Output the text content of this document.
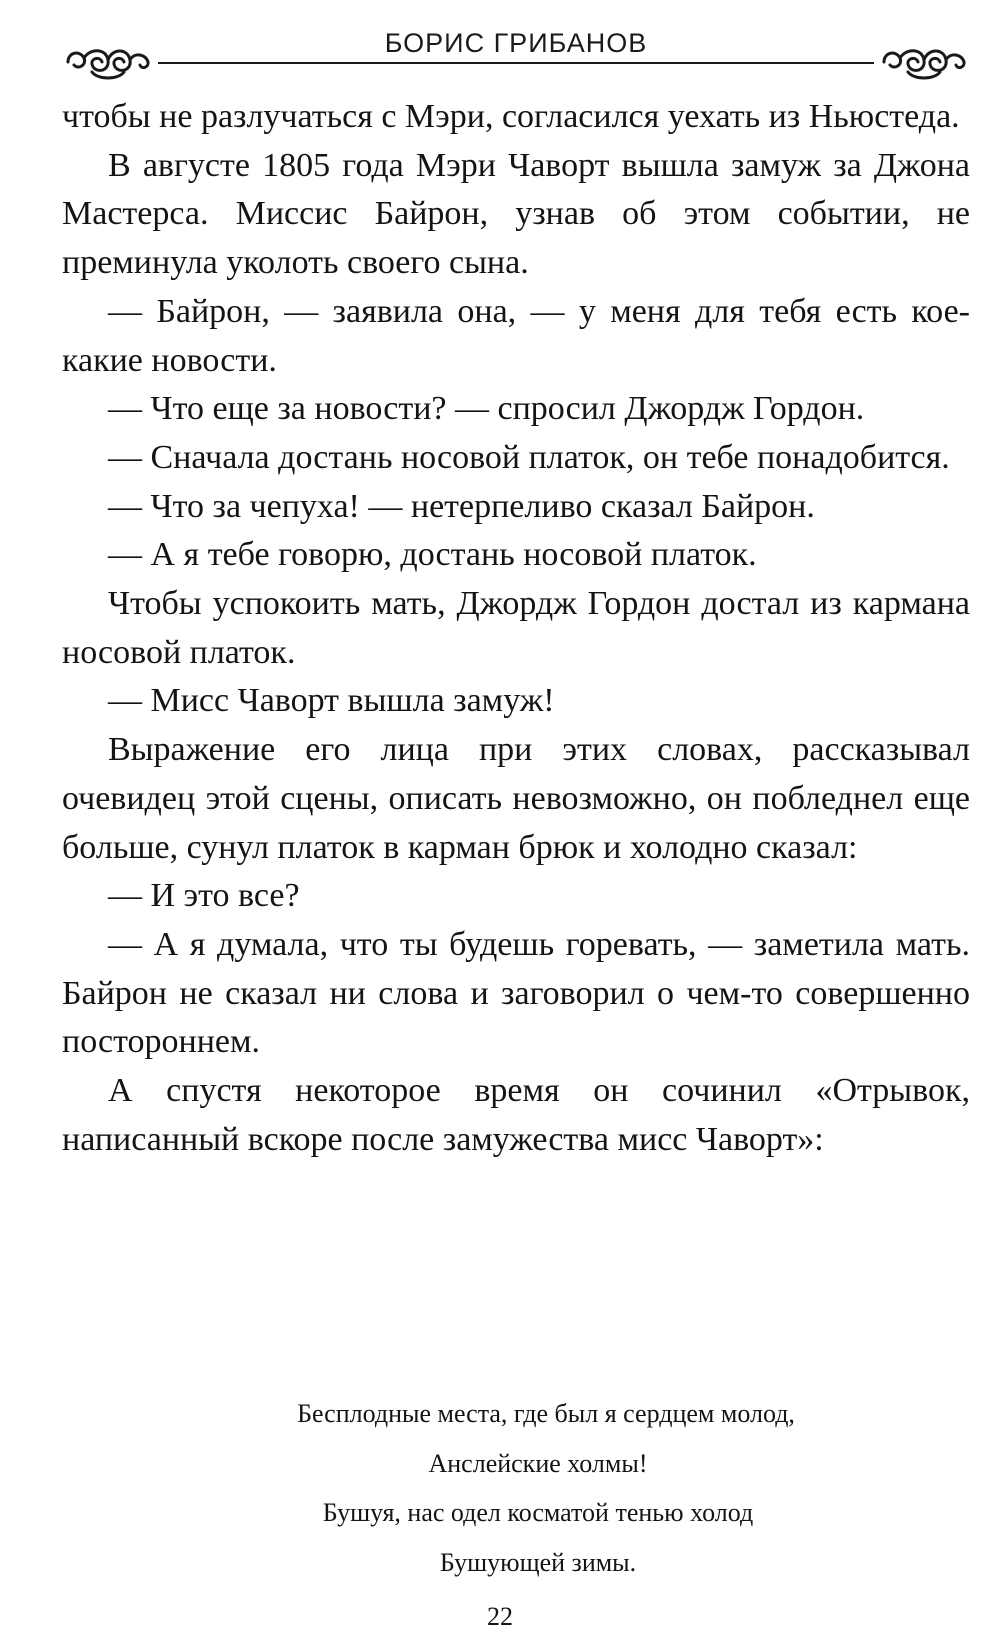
БОРИС ГРИБАНОВ

чтобы не разлучаться с Мэри, согласился уехать из Ньюстеда.

В августе 1805 года Мэри Чаворт вышла замуж за Джона Мастерса. Миссис Байрон, узнав об этом событии, не преминула уколоть своего сына.

— Байрон, — заявила она, — у меня для тебя есть кое-какие новости.

— Что еще за новости? — спросил Джордж Гордон.

— Сначала достань носовой платок, он тебе понадобится.

— Что за чепуха! — нетерпеливо сказал Байрон.

— А я тебе говорю, достань носовой платок.

Чтобы успокоить мать, Джордж Гордон достал из кармана носовой платок.

— Мисс Чаворт вышла замуж!

Выражение его лица при этих словах, рассказывал очевидец этой сцены, описать невозможно, он побледнел еще больше, сунул платок в карман брюк и холодно сказал:

— И это все?

— А я думала, что ты будешь горевать, — заметила мать. Байрон не сказал ни слова и заговорил о чем-то совершенно постороннем.

А спустя некоторое время он сочинил «Отрывок, написанный вскоре после замужества мисс Чаворт»:

Бесплодные места, где был я сердцем молод,
Анслейские холмы!
Бушуя, нас одел косматой тенью холод
Бушующей зимы.
22
